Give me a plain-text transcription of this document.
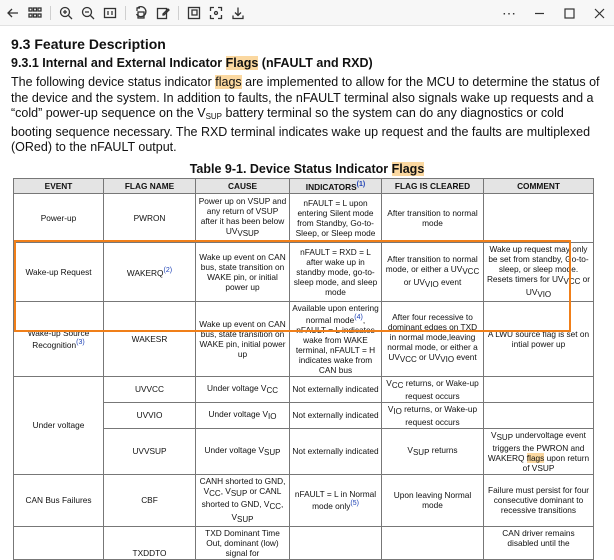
⋯
9.3 Feature Description
9.3.1 Internal and External Indicator Flags (nFAULT and RXD)
The following device status indicator flags are implemented to allow for the MCU to determine the status of the device and the system. In addition to faults, the nFAULT terminal also signals wake up requests and a “cold” power-up sequence on the $V_{SUP}$ battery terminal so the system can do any diagnostics or cold booting sequence necessary. The RXD terminal indicates wake up request and the faults are multiplexed (ORed) to the nFAULT output.
Table 9-1. Device Status Indicator Flags
EVENT	FLAG NAME	CAUSE	INDICATORS$^{(1)}$	FLAG IS CLEARED	COMMENT
Power-up	PWRON	Power up on VSUP and any return of VSUP after it has been below UVVSUP	nFAULT = L upon entering Silent mode from Standby, Go-to-Sleep, or Sleep mode	After transition to normal mode	
Wake-up Request	WAKERQ$^{(2)}$	Wake up event on CAN bus, state transition on WAKE pin, or initial power up	nFAULT = RXD = L after wake up in standby mode, go-to-sleep mode, and sleep mode	After transition to normal mode, or either a UVVCC or UVVIO event	Wake up request may only be set from standby, Go-to-sleep, or sleep mode. Resets timers for UVVCC or UVVIO
Wake-up Source Recognition$^{(3)}$	WAKESR	Wake up event on CAN bus, state transition on WAKE pin, initial power up	Available upon entering normal mode$^{(4)}$, nFAULT = L indicates wake from WAKE terminal, nFAULT = H indicates wake from CAN bus	After four recessive to dominant edges on TXD in normal mode,leaving normal mode, or either a UVVCC or UVVIO event	A LWU source flag is set on intial power up
Under voltage	UVVCC	Under voltage VCC	Not externally indicated	VCC returns, or Wake-up request occurs	
	UVVIO	Under voltage VIO	Not externally indicated	VIO returns, or Wake-up request occurs	
	UVVSUP	Under voltage VSUP	Not externally indicated	VSUP returns	VSUP undervoltage event triggers the PWRON and WAKERQ flags upon return of VSUP
CAN Bus Failures	CBF	CANH shorted to GND, VCC, VSUP or CANL shorted to GND, VCC, VSUP	nFAULT = L in Normal mode only$^{(5)}$	Upon leaving Normal mode	Failure must persist for four consecutive dominant to recessive transitions
	TXDDTO	TXD Dominant Time Out, dominant (low) signal for			CAN driver remains disabled until the
